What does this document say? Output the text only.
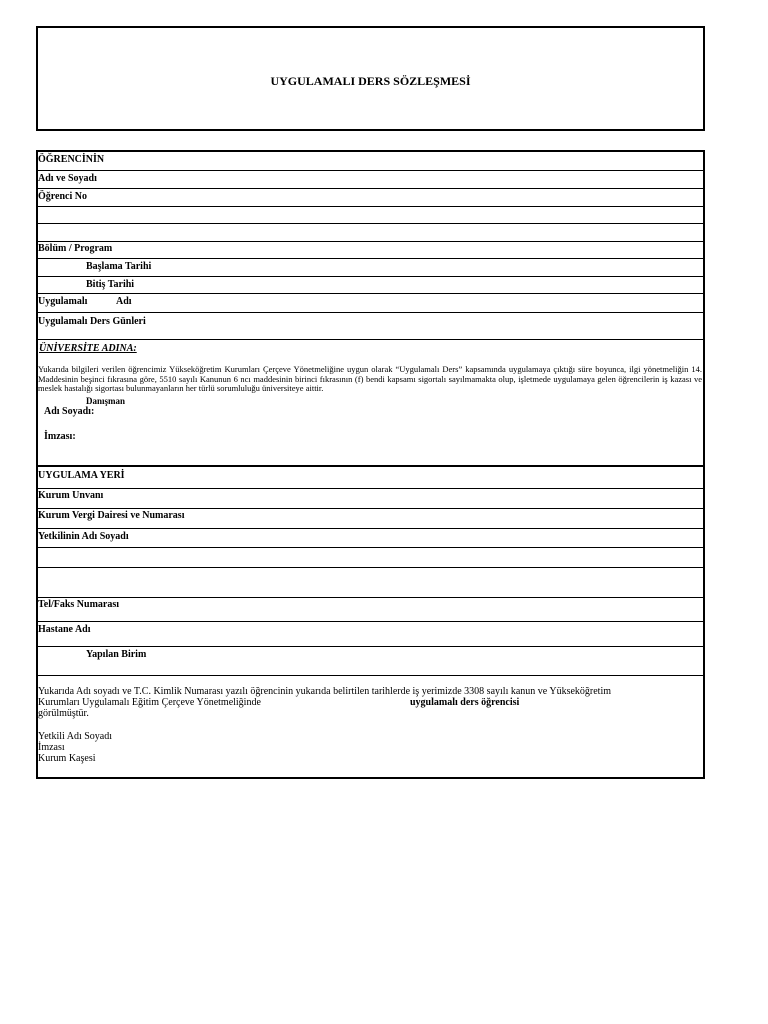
UYGULAMALI DERS SÖZLEŞMESİ
ÖĞRENCİNİN
Adı ve Soyadı
Öğrenci No
Bölüm / Program
Başlama Tarihi
Bitiş Tarihi
Uygulamalı	Adı
Uygulamalı Ders Günleri
ÜNİVERSİTE ADINA:
Yukarıda bilgileri verilen öğrencimiz Yükseköğretim Kurumları Çerçeve Yönetmeliğine uygun olarak “Uygulamalı Ders” kapsamında uygulamaya çıktığı süre boyunca, ilgi yönetmeliğin 14. Maddesinin beşinci fıkrasına göre, 5510 sayılı Kanunun 6 ncı maddesinin birinci fıkrasının (f) bendi kapsamı sigortalı sayılmamakta olup, işletmede uygulamaya gelen öğrencilerin iş kazası ve meslek hastalığı sigortası bulunmayanların her türlü sorumluluğu üniversiteye aittir.
Danışman
Adı Soyadı:
İmzası:
UYGULAMA YERİ
Kurum Unvanı
Kurum Vergi Dairesi ve Numarası
Yetkilinin Adı Soyadı
Tel/Faks Numarası
Hastane Adı
Yapılan Birim
Yukarıda Adı soyadı ve T.C. Kimlik Numarası yazılı öğrencinin yukarıda belirtilen tarihlerde iş yerimizde 3308 sayılı kanun ve Yükseköğretim
Kurumları Uygulamalı Eğitim Çerçeve Yönetmeliğinde	uygulamalı ders öğrencisi
görülmüştür.
Yetkili Adı Soyadı
İmzası
Kurum Kaşesi
